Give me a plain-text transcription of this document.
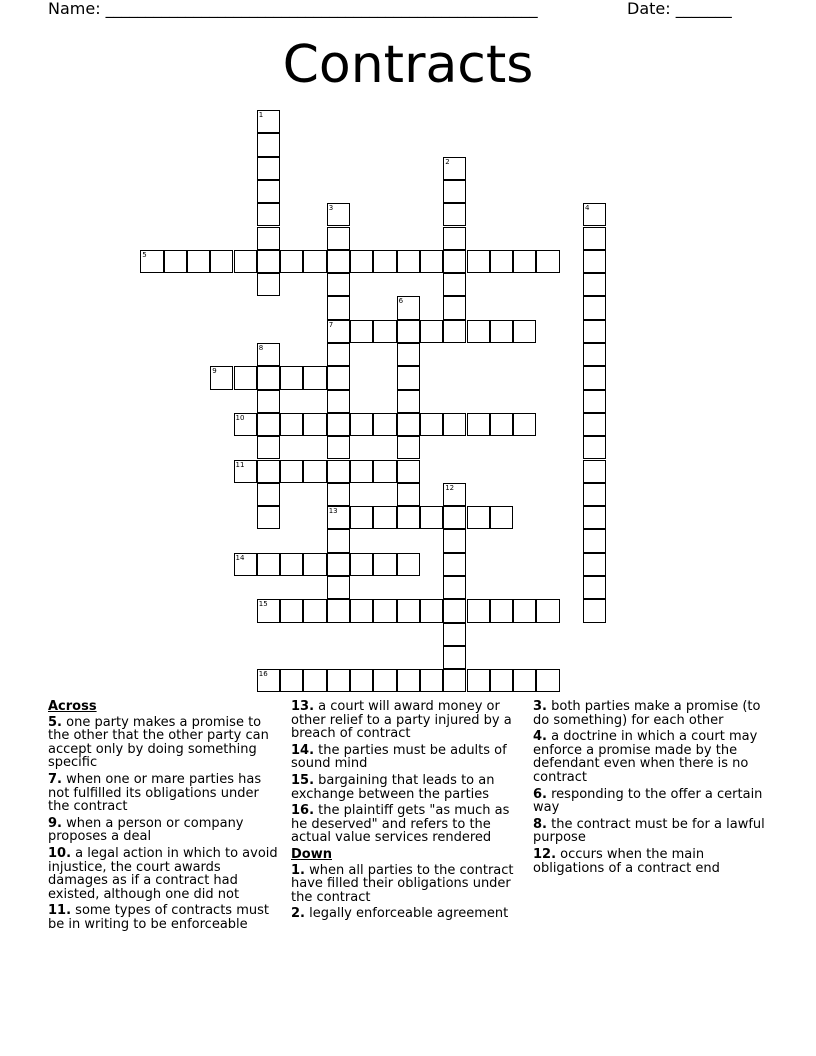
Name: ______________________________________________________

	Date: _______

Contracts
1
2
3
7
13
4
5
6
8
9
10
11
12
14
15
16
Across
5. one party makes a promise to the other that the other party can accept only by doing something specific
7. when one or mare parties has not fulfilled its obligations under the contract
9. when a person or company proposes a deal
10. a legal action in which to avoid injustice, the court awards damages as if a contract had existed, although one did not
11. some types of contracts must be in writing to be enforceable
13. a court will award money or other relief to a party injured by a breach of contract
14. the parties must be adults of sound mind
15. bargaining that leads to an exchange between the parties
16. the plaintiff gets "as much as he deserved" and refers to the actual value services rendered
Down
1. when all parties to the contract have filled their obligations under the contract
2. legally enforceable agreement
3. both parties make a promise (to do something) for each other
4. a doctrine in which a court may enforce a promise made by the defendant even when there is no contract
6. responding to the offer a certain way
8. the contract must be for a lawful purpose
12. occurs when the main obligations of a contract end
